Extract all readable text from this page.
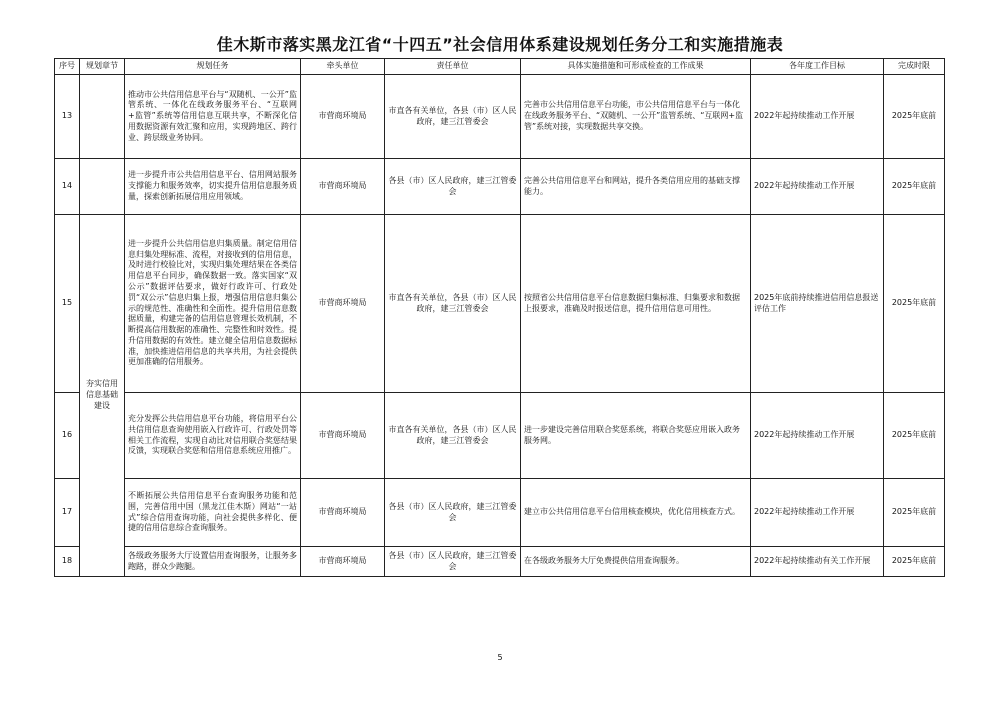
佳木斯市落实黑龙江省“十四五”社会信用体系建设规划任务分工和实施措施表
序号	规划章节	规划任务	牵头单位	责任单位	具体实施措施和可形成检查的工作成果	各年度工作目标	完成时限
13		推动市公共信用信息平台与“双随机、一公开”监管系统、一体化在线政务服务平台、“互联网+监管”系统等信用信息互联共享，不断深化信用数据资源有效汇聚和应用，实现跨地区、跨行业、跨层级业务协同。	市营商环境局	市直各有关单位，各县（市）区人民政府，建三江管委会	完善市公共信用信息平台功能，市公共信用信息平台与一体化在线政务服务平台、“双随机、一公开”监管系统、“互联网+监管”系统对接，实现数据共享交换。	2022年起持续推动工作开展	2025年底前
14		进一步提升市公共信用信息平台、信用网站服务支撑能力和服务效率，切实提升信用信息服务质量，探索创新拓展信用应用领域。	市营商环境局	各县（市）区人民政府，建三江管委会	完善公共信用信息平台和网站，提升各类信用应用的基础支撑能力。	2022年起持续推动工作开展	2025年底前
15	夯实信用信息基础建设	进一步提升公共信用信息归集质量。制定信用信息归集处理标准、流程，对接收到的信用信息，及时进行校验比对，实现归集处理结果在各类信用信息平台同步，确保数据一致。落实国家“双公示”数据评估要求，做好行政许可、行政处罚“双公示”信息归集上报，增强信用信息归集公示的规范性、准确性和全面性。提升信用信息数据质量，构建完备的信用信息管理长效机制，不断提高信用数据的准确性、完整性和时效性。提升信用数据的有效性。建立健全信用信息数据标准，加快推进信用信息的共享共用，为社会提供更加准确的信用服务。	市营商环境局	市直各有关单位，各县（市）区人民政府，建三江管委会	按照省公共信用信息平台信息数据归集标准、归集要求和数据上报要求，准确及时报送信息，提升信用信息可用性。	2025年底前持续推进信用信息报送评估工作	2025年底前
16		充分发挥公共信用信息平台功能，将信用平台公共信用信息查询使用嵌入行政许可、行政处罚等相关工作流程，实现自动比对信用联合奖惩结果反馈，实现联合奖惩和信用信息系统应用推广。	市营商环境局	市直各有关单位，各县（市）区人民政府，建三江管委会	进一步建设完善信用联合奖惩系统，将联合奖惩应用嵌入政务服务网。	2022年起持续推动工作开展	2025年底前
17		不断拓展公共信用信息平台查询服务功能和范围，完善信用中国（黑龙江佳木斯）网站“一站式”综合信用查询功能，向社会提供多样化、便捷的信用信息综合查询服务。	市营商环境局	各县（市）区人民政府，建三江管委会	建立市公共信用信息平台信用核查模块，优化信用核查方式。	2022年起持续推动工作开展	2025年底前
18		各级政务服务大厅设置信用查询服务，让服务多跑路，群众少跑腿。	市营商环境局	各县（市）区人民政府，建三江管委会	在各级政务服务大厅免费提供信用查询服务。	2022年起持续推动有关工作开展	2025年底前
5
